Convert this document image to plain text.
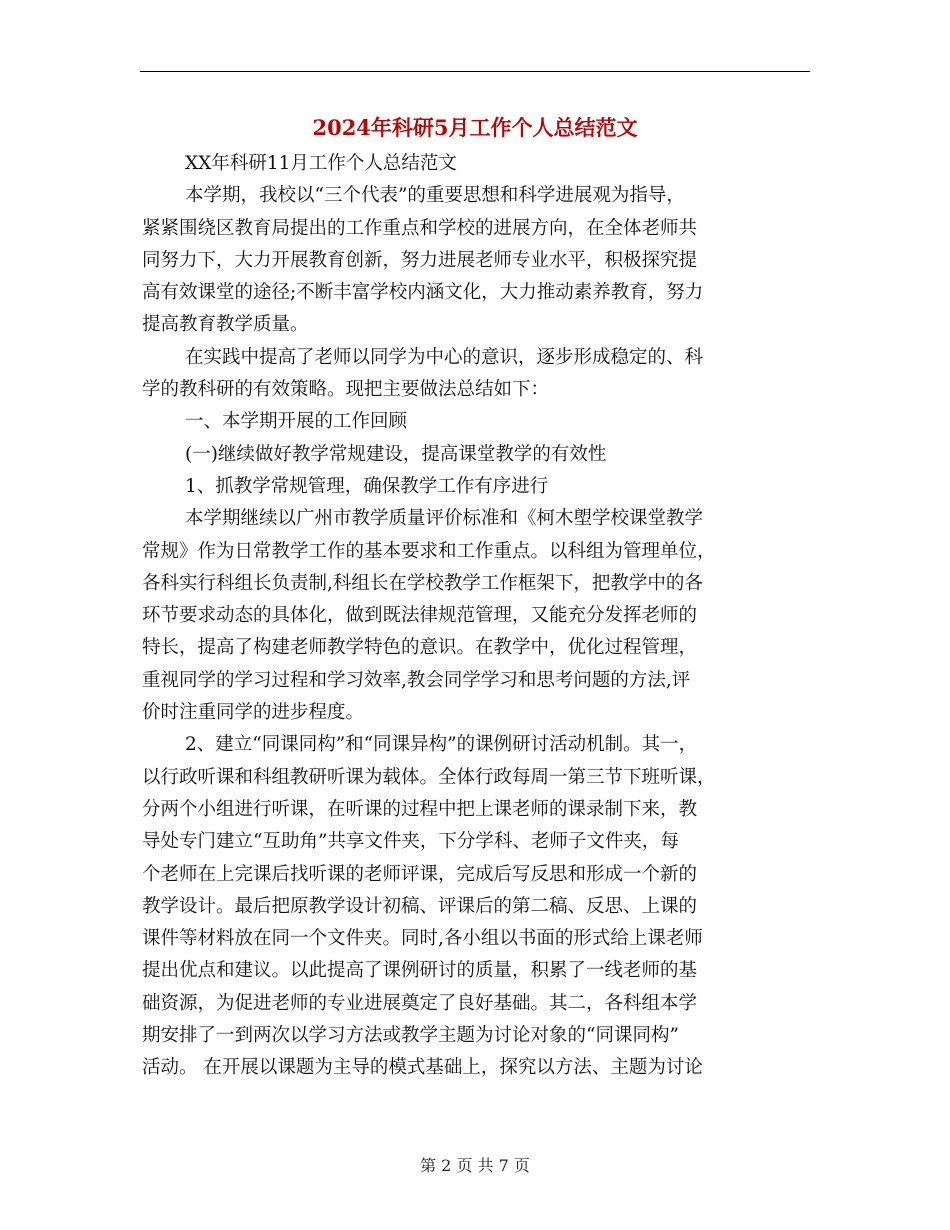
2024年科研5月工作个人总结范文
XX年科研11月工作个人总结范文
本学期，我校以“三个代表”的重要思想和科学进展观为指导，
紧紧围绕区教育局提出的工作重点和学校的进展方向，在全体老师共
同努力下，大力开展教育创新，努力进展老师专业水平，积极探究提
高有效课堂的途径;不断丰富学校内涵文化，大力推动素养教育，努力
提高教育教学质量。
在实践中提高了老师以同学为中心的意识，逐步形成稳定的、科
学的教科研的有效策略。现把主要做法总结如下：
一、本学期开展的工作回顾
(一)继续做好教学常规建设，提高课堂教学的有效性
1、抓教学常规管理，确保教学工作有序进行
本学期继续以广州市教学质量评价标准和《柯木塱学校课堂教学
常规》作为日常教学工作的基本要求和工作重点。以科组为管理单位，
各科实行科组长负责制,科组长在学校教学工作框架下，把教学中的各
环节要求动态的具体化，做到既法律规范管理，又能充分发挥老师的
特长，提高了构建老师教学特色的意识。在教学中，优化过程管理，
重视同学的学习过程和学习效率,教会同学学习和思考问题的方法,评
价时注重同学的进步程度。
2、建立“同课同构”和“同课异构”的课例研讨活动机制。其一，
以行政听课和科组教研听课为载体。全体行政每周一第三节下班听课，
分两个小组进行听课，在听课的过程中把上课老师的课录制下来，教
导处专门建立“互助角”共享文件夹，下分学科、老师子文件夹，每
个老师在上完课后找听课的老师评课，完成后写反思和形成一个新的
教学设计。最后把原教学设计初稿、评课后的第二稿、反思、上课的
课件等材料放在同一个文件夹。同时,各小组以书面的形式给上课老师
提出优点和建议。以此提高了课例研讨的质量，积累了一线老师的基
础资源，为促进老师的专业进展奠定了良好基础。其二，各科组本学
期安排了一到两次以学习方法或教学主题为讨论对象的“同课同构”
活动。 在开展以课题为主导的模式基础上，探究以方法、主题为讨论
第 2 页 共 7 页
